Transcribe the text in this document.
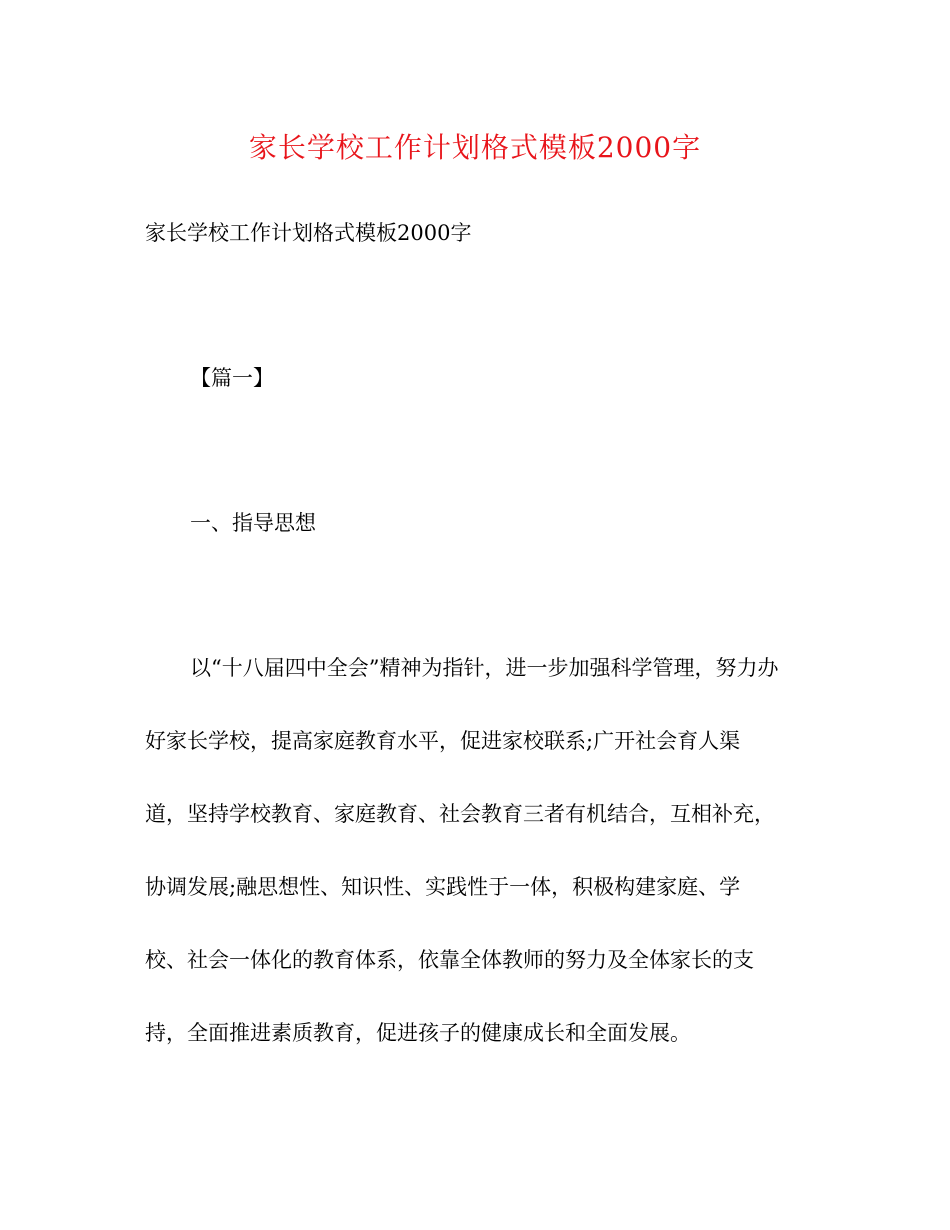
家长学校工作计划格式模板2000字
家长学校工作计划格式模板2000字
【篇一】
一、指导思想
以“十八届四中全会”精神为指针，进一步加强科学管理，努力办
好家长学校，提高家庭教育水平，促进家校联系;广开社会育人渠
道，坚持学校教育、家庭教育、社会教育三者有机结合，互相补充，
协调发展;融思想性、知识性、实践性于一体，积极构建家庭、学
校、社会一体化的教育体系，依靠全体教师的努力及全体家长的支
持，全面推进素质教育，促进孩子的健康成长和全面发展。
